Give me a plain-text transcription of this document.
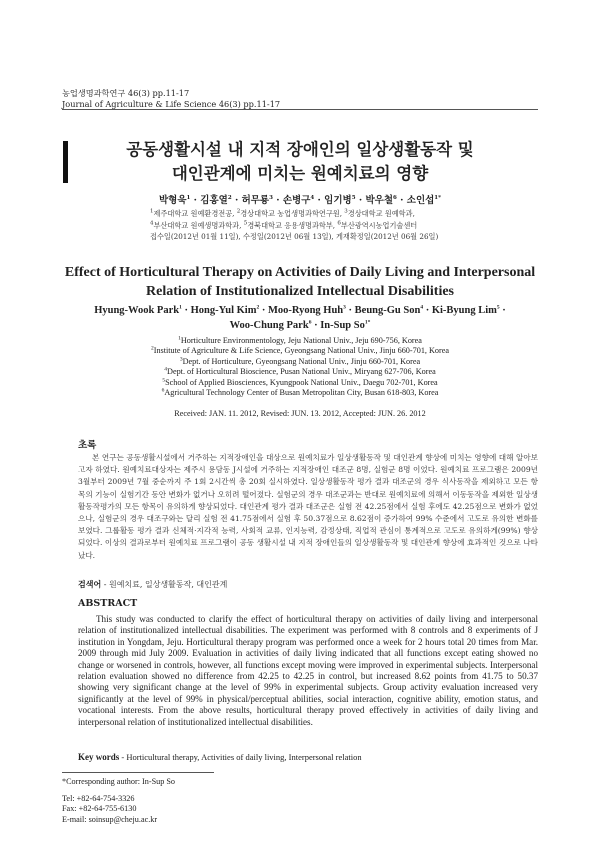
농업생명과학연구 46(3) pp.11-17
Journal of Agriculture & Life Science 46(3) pp.11-17
공동생활시설 내 지적 장애인의 일상생활동작 및
대인관계에 미치는 원예치료의 영향
박형욱$^1$ · 김홍열$^2$ · 허무룡$^3$ · 손병구$^4$ · 임기병$^5$ · 박우철$^6$ · 소인섭$^{1*}$
$^1$제주대학교 원예환경전공, $^2$경상대학교 농업생명과학연구원, $^3$경상대학교 원예학과,
$^4$부산대학교 원예생명과학과, $^5$경북대학교 응용생명과학부, $^6$부산광역시농업기술센터
접수일(2012년 01월 11일), 수정일(2012년 06월 13일), 게재확정일(2012년 06월 26일)
Effect of Horticultural Therapy on Activities of Daily Living and Interpersonal
Relation of Institutionalized Intellectual Disabilities
Hyung-Wook Park$^1$ · Hong-Yul Kim$^2$ · Moo-Ryong Huh$^3$ · Beung-Gu Son$^4$ · Ki-Byung Lim$^5$ ·
Woo-Chung Park$^6$ · In-Sup $So^{1*}$
$^1$Horticulture Environmentology, Jeju National Univ., Jeju 690-756, Korea
$^2$Institute of Agriculture & Life Science, Gyeongsang National Univ., Jinju 660-701, Korea
$^3$Dept. of Horticulture, Gyeongsang National Univ., Jinju 660-701, Korea
$^4$Dept. of Horticultural Bioscience, Pusan National Univ., Miryang 627-706, Korea
$^5$School of Applied Biosciences, Kyungpook National Univ., Daegu 702-701, Korea
$^6$Agricultural Technology Center of Busan Metropolitan City, Busan 618-803, Korea
Received: JAN. 11. 2012, Revised: JUN. 13. 2012, Accepted: JUN. 26. 2012
초록
본 연구는 공동생활시설에서 거주하는 지적장애인을 대상으로 원예치료가 일상생활동작 및 대인관계 향상에 미치는 영향에 대해 알아보고자 하였다. 원예치료대상자는 제주시 용담동 J시설에 거주하는 지적장애인 대조군 8명, 실험군 8명 이었다. 원예치료 프로그램은 2009년 3월부터 2009년 7월 중순까지 주 1회 2시간씩 총 20회 실시하였다. 일상생활동작 평가 결과 대조군의 경우 식사동작을 제외하고 모든 항목의 기능이 실험기간 동안 변화가 없거나 오히려 떨어졌다. 실험군의 경우 대조군과는 반대로 원예치료에 의해서 이동동작을 제외한 일상생활동작평가의 모든 항목이 유의하게 향상되었다. 대인관계 평가 결과 대조군은 실험 전 42.25점에서 실험 후에도 42.25점으로 변화가 없었으나, 실험군의 경우 대조구와는 달리 실험 전 41.75점에서 실험 후 50.37점으로 8.62점이 증가하여 99% 수준에서 고도로 유의한 변화를 보였다. 그룹활동 평가 결과 신체적·지각적 능력, 사회적 교류, 인지능력, 감정상태, 직업적 관심이 통계적으로 고도로 유의하게(99%) 향상되었다. 이상의 결과로부터 원예치료 프로그램이 공동 생활시설 내 지적 장애인들의 일상생활동작 및 대인관계 향상에 효과적인 것으로 나타났다.
검색어 - 원예치료, 일상생활동작, 대인관계
ABSTRACT
This study was conducted to clarify the effect of horticultural therapy on activities of daily living and interpersonal relation of institutionalized intellectual disabilities. The experiment was performed with 8 controls and 8 experiments of J institution in Yongdam, Jeju. Horticultural therapy program was performed once a week for 2 hours total 20 times from Mar. 2009 through mid July 2009. Evaluation in activities of daily living indicated that all functions except eating showed no change or worsened in controls, however, all functions except moving were improved in experimental subjects. Interpersonal relation evaluation showed no difference from 42.25 to 42.25 in control, but increased 8.62 points from 41.75 to 50.37 showing very significant change at the level of 99% in experimental subjects. Group activity evaluation increased very significantly at the level of 99% in physical/perceptual abilities, social interaction, cognitive ability, emotion status, and vocational interests. From the above results, horticultural therapy proved effectively in activities of daily living and interpersonal relation of institutionalized intellectual disabilities.
Key words - Horticultural therapy, Activities of daily living, Interpersonal relation
*Corresponding author: In-Sup So
Tel: +82-64-754-3326
Fax: +82-64-755-6130
E-mail: soinsup@cheju.ac.kr
